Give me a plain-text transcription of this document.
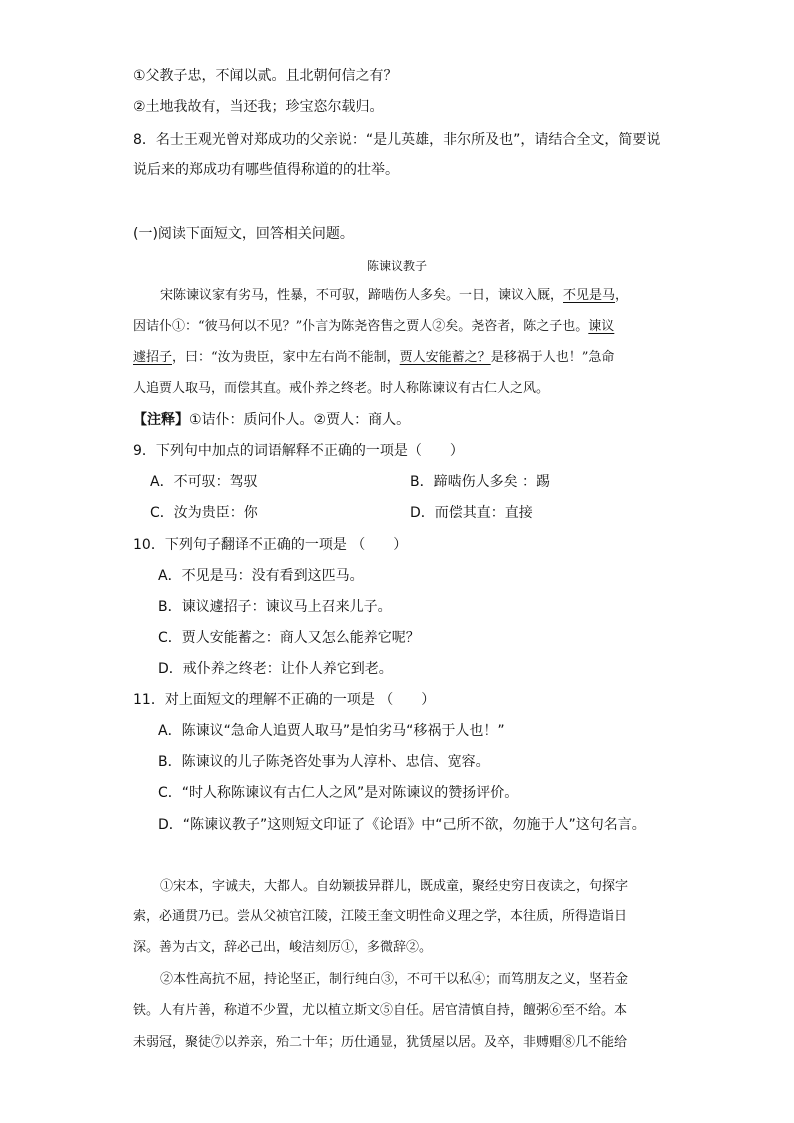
①父教子忠，不闻以贰。且北朝何信之有？
②土地我故有，当还我；珍宝恣尔载归。
8．名士王观光曾对郑成功的父亲说：“是儿英雄，非尔所及也”，请结合全文，简要说
说后来的郑成功有哪些值得称道的的壮举。
(一)阅读下面短文，回答相关问题。
陈谏议教子
宋陈谏议家有劣马，性暴，不可驭，蹄啮伤人多矣。一日，谏议入厩，不见是马，
因诘仆①：“彼马何以不见？”仆言为陈尧咨售之贾人②矣。尧咨者，陈之子也。谏议
遽招子，曰：“汝为贵臣，家中左右尚不能制，贾人安能蓄之？是移祸于人也！”急命
人追贾人取马，而偿其直。戒仆养之终老。时人称陈谏议有古仁人之风。
【注释】①诘仆：质问仆人。②贾人：商人。
9．下列句中加点的词语解释不正确的一项是（　　）
A．不可驭：驾驭	B．蹄啮伤人多矣 ：踢
C．汝为贵臣：你	D．而偿其直：直接
10．下列句子翻译不正确的一项是 （　　）
A．不见是马：没有看到这匹马。
B．谏议遽招子：谏议马上召来儿子。
C．贾人安能蓄之：商人又怎么能养它呢？
D．戒仆养之终老：让仆人养它到老。
11．对上面短文的理解不正确的一项是 （　　）
A．陈谏议“急命人追贾人取马”是怕劣马“移祸于人也！”
B．陈谏议的儿子陈尧咨处事为人淳朴、忠信、宽容。
C．“时人称陈谏议有古仁人之风”是对陈谏议的赞扬评价。
D．“陈谏议教子”这则短文印证了《论语》中“己所不欲，勿施于人”这句名言。
①宋本，字诚夫，大都人。自幼颖拔异群儿，既成童，聚经史穷日夜读之，句探字
索，必通贯乃已。尝从父祯官江陵，江陵王奎文明性命义理之学，本往质，所得造诣日
深。善为古文，辞必己出，峻洁刻厉①，多微辞②。
②本性高抗不屈，持论坚正，制行纯白③，不可干以私④；而笃朋友之义，坚若金
铁。人有片善，称道不少置，尤以植立斯文⑤自任。居官清慎自持，饘粥⑥至不给。本
未弱冠，聚徒⑦以养亲，殆二十年；历仕通显，犹赁屋以居。及卒，非赙赗⑧几不能给
